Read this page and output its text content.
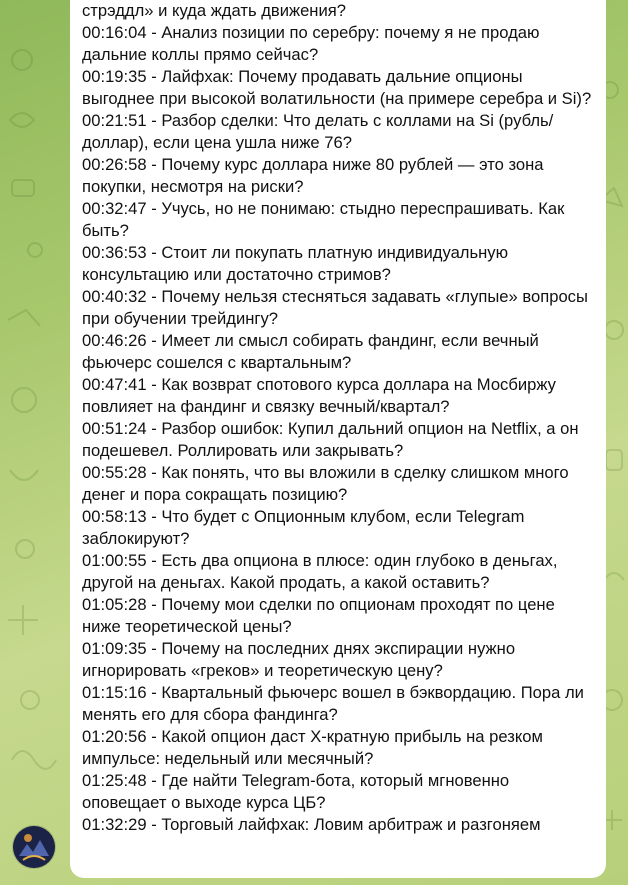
стрэддл» и куда ждать движения?
00:16:04 - Анализ позиции по серебру: почему я не продаю дальние коллы прямо сейчас?
00:19:35 - Лайфхак: Почему продавать дальние опционы выгоднее при высокой волатильности (на примере серебра и Si)?
00:21:51 - Разбор сделки: Что делать с коллами на Si (рубль/доллар), если цена ушла ниже 76?
00:26:58 - Почему курс доллара ниже 80 рублей — это зона покупки, несмотря на риски?
00:32:47 - Учусь, но не понимаю: стыдно переспрашивать. Как быть?
00:36:53 - Стоит ли покупать платную индивидуальную консультацию или достаточно стримов?
00:40:32 - Почему нельзя стесняться задавать «глупые» вопросы при обучении трейдингу?
00:46:26 - Имеет ли смысл собирать фандинг, если вечный фьючерс сошелся с квартальным?
00:47:41 - Как возврат спотового курса доллара на Мосбиржу повлияет на фандинг и связку вечный/квартал?
00:51:24 - Разбор ошибок: Купил дальний опцион на Netflix, а он подешевел. Роллировать или закрывать?
00:55:28 - Как понять, что вы вложили в сделку слишком много денег и пора сокращать позицию?
00:58:13 - Что будет с Опционным клубом, если Telegram заблокируют?
01:00:55 - Есть два опциона в плюсе: один глубоко в деньгах, другой на деньгах. Какой продать, а какой оставить?
01:05:28 - Почему мои сделки по опционам проходят по цене ниже теоретической цены?
01:09:35 - Почему на последних днях экспирации нужно игнорировать «греков» и теоретическую цену?
01:15:16 - Квартальный фьючерс вошел в бэквордацию. Пора ли менять его для сбора фандинга?
01:20:56 - Какой опцион даст Х-кратную прибыль на резком импульсе: недельный или месячный?
01:25:48 - Где найти Telegram-бота, который мгновенно оповещает о выходе курса ЦБ?
01:32:29 - Торговый лайфхак: Ловим арбитраж и разгоняем
